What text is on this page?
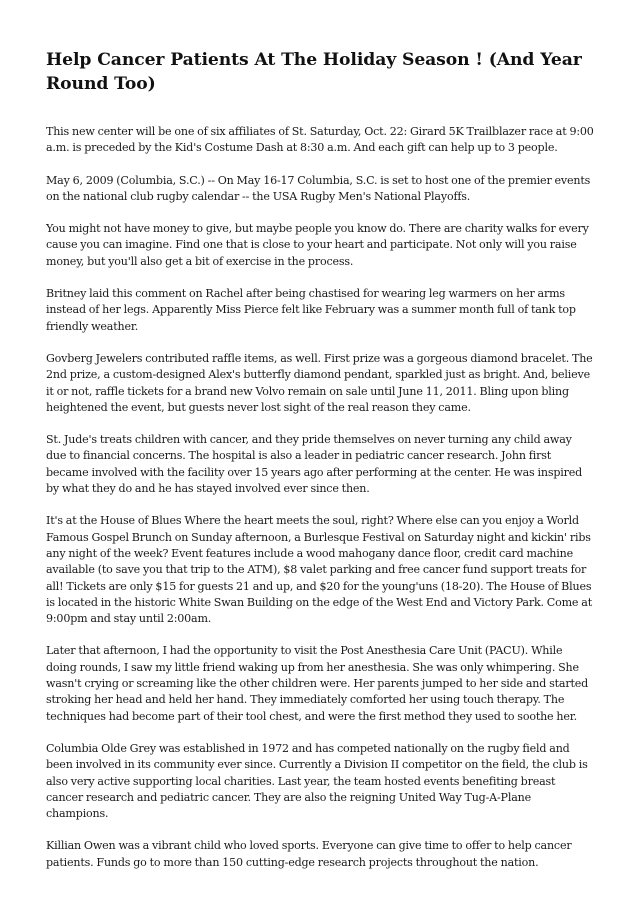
Help Cancer Patients At The Holiday Season ! (And Year Round Too)

This new center will be one of six affiliates of St. Saturday, Oct. 22: Girard 5K Trailblazer race at 9:00 a.m. is preceded by the Kid's Costume Dash at 8:30 a.m. And each gift can help up to 3 people.

May 6, 2009 (Columbia, S.C.) -- On May 16-17 Columbia, S.C. is set to host one of the premier events on the national club rugby calendar -- the USA Rugby Men's National Playoffs.

You might not have money to give, but maybe people you know do. There are charity walks for every cause you can imagine. Find one that is close to your heart and participate. Not only will you raise money, but you'll also get a bit of exercise in the process.

Britney laid this comment on Rachel after being chastised for wearing leg warmers on her arms instead of her legs. Apparently Miss Pierce felt like February was a summer month full of tank top friendly weather.

Govberg Jewelers contributed raffle items, as well. First prize was a gorgeous diamond bracelet. The 2nd prize, a custom-designed Alex's butterfly diamond pendant, sparkled just as bright. And, believe it or not, raffle tickets for a brand new Volvo remain on sale until June 11, 2011. Bling upon bling heightened the event, but guests never lost sight of the real reason they came.

St. Jude's treats children with cancer, and they pride themselves on never turning any child away due to financial concerns. The hospital is also a leader in pediatric cancer research. John first became involved with the facility over 15 years ago after performing at the center. He was inspired by what they do and he has stayed involved ever since then.

It's at the House of Blues Where the heart meets the soul, right? Where else can you enjoy a World Famous Gospel Brunch on Sunday afternoon, a Burlesque Festival on Saturday night and kickin' ribs any night of the week? Event features include a wood mahogany dance floor, credit card machine available (to save you that trip to the ATM), $8 valet parking and free cancer fund support treats for all! Tickets are only $15 for guests 21 and up, and $20 for the young'uns (18-20). The House of Blues is located in the historic White Swan Building on the edge of the West End and Victory Park. Come at 9:00pm and stay until 2:00am.

Later that afternoon, I had the opportunity to visit the Post Anesthesia Care Unit (PACU). While doing rounds, I saw my little friend waking up from her anesthesia. She was only whimpering. She wasn't crying or screaming like the other children were. Her parents jumped to her side and started stroking her head and held her hand. They immediately comforted her using touch therapy. The techniques had become part of their tool chest, and were the first method they used to soothe her.

Columbia Olde Grey was established in 1972 and has competed nationally on the rugby field and been involved in its community ever since. Currently a Division II competitor on the field, the club is also very active supporting local charities. Last year, the team hosted events benefiting breast cancer research and pediatric cancer. They are also the reigning United Way Tug-A-Plane champions.

Killian Owen was a vibrant child who loved sports. Everyone can give time to offer to help cancer patients. Funds go to more than 150 cutting-edge research projects throughout the nation.
